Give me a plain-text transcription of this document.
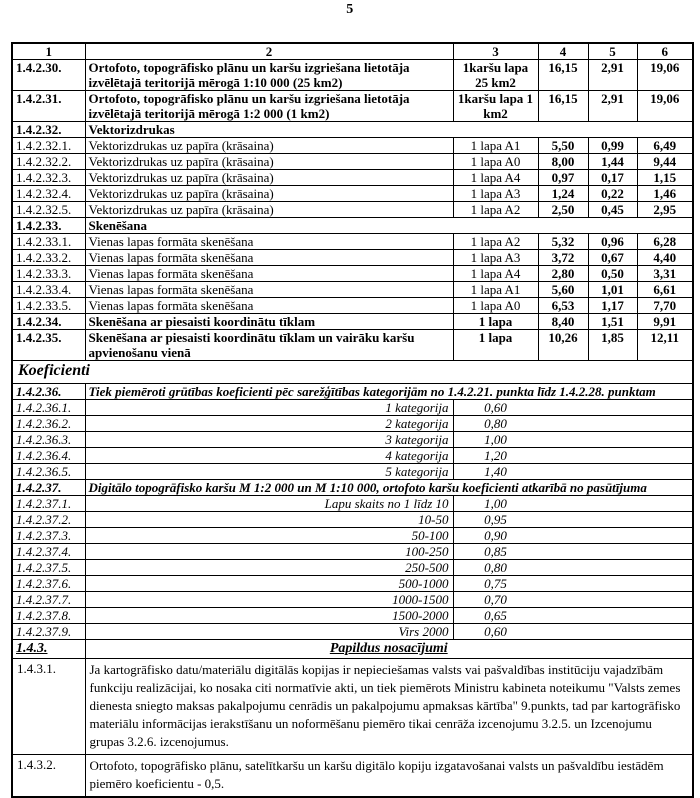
5
1	2	3	4	5	6
1.4.2.30.	Ortofoto, topogrāfisko plānu un karšu izgriešana lietotāja izvēlētajā teritorijā mērogā 1:10 000 (25 km2)	1karšu lapa 25 km2	16,15	2,91	19,06
1.4.2.31.	Ortofoto, topogrāfisko plānu un karšu izgriešana lietotāja izvēlētajā teritorijā mērogā 1:2 000 (1 km2)	1karšu lapa 1 km2	16,15	2,91	19,06
1.4.2.32.	Vektorizdrukas				
1.4.2.32.1.	Vektorizdrukas uz papīra (krāsaina)	1 lapa A1	5,50	0,99	6,49
1.4.2.32.2.	Vektorizdrukas uz papīra (krāsaina)	1 lapa A0	8,00	1,44	9,44
1.4.2.32.3.	Vektorizdrukas uz papīra (krāsaina)	1 lapa A4	0,97	0,17	1,15
1.4.2.32.4.	Vektorizdrukas uz papīra (krāsaina)	1 lapa A3	1,24	0,22	1,46
1.4.2.32.5.	Vektorizdrukas uz papīra (krāsaina)	1 lapa A2	2,50	0,45	2,95
1.4.2.33.	Skenēšana				
1.4.2.33.1.	Vienas lapas formāta skenēšana	1 lapa A2	5,32	0,96	6,28
1.4.2.33.2.	Vienas lapas formāta skenēšana	1 lapa A3	3,72	0,67	4,40
1.4.2.33.3.	Vienas lapas formāta skenēšana	1 lapa A4	2,80	0,50	3,31
1.4.2.33.4.	Vienas lapas formāta skenēšana	1 lapa A1	5,60	1,01	6,61
1.4.2.33.5.	Vienas lapas formāta skenēšana	1 lapa A0	6,53	1,17	7,70
1.4.2.34.	Skenēšana ar piesaisti koordinātu tīklam	1 lapa	8,40	1,51	9,91
1.4.2.35.	Skenēšana ar piesaisti koordinātu tīklam un vairāku karšu apvienošanu vienā	1 lapa	10,26	1,85	12,11
Koeficienti					
1.4.2.36.	Tiek piemēroti grūtības koeficienti pēc sarežģītības kategorijām no 1.4.2.21. punkta līdz 1.4.2.28. punktam				
1.4.2.36.1.	1 kategorija	0,60			
1.4.2.36.2.	2 kategorija	0,80			
1.4.2.36.3.	3 kategorija	1,00			
1.4.2.36.4.	4 kategorija	1,20			
1.4.2.36.5.	5 kategorija	1,40			
1.4.2.37.	Digitālo topogrāfisko karšu M 1:2 000 un M 1:10 000, ortofoto karšu koeficienti atkarībā no pasūtījuma				
1.4.2.37.1.	Lapu skaits no 1 līdz 10	1,00			
1.4.2.37.2.	10-50	0,95			
1.4.2.37.3.	50-100	0,90			
1.4.2.37.4.	100-250	0,85			
1.4.2.37.5.	250-500	0,80			
1.4.2.37.6.	500-1000	0,75			
1.4.2.37.7.	1000-1500	0,70			
1.4.2.37.8.	1500-2000	0,65			
1.4.2.37.9.	Virs 2000	0,60			
1.4.3.	Papildus nosacījumi				
1.4.3.1.	Ja kartogrāfisko datu/materiālu digitālās kopijas ir nepieciešamas valsts vai pašvaldības institūciju vajadzībām funkciju realizācijai, ko nosaka citi normatīvie akti, un tiek piemērots Ministru kabineta noteikumu "Valsts zemes dienesta sniegto maksas pakalpojumu cenrādis un pakalpojumu apmaksas kārtība" 9.punkts, tad par kartogrāfisko materiālu informācijas ierakstīšanu un noformēšanu piemēro tikai cenrāža izcenojumu 3.2.5. un Izcenojumu grupas 3.2.6. izcenojumus.				
1.4.3.2.	Ortofoto, topogrāfisko plānu, satelītkaršu un karšu digitālo kopiju izgatavošanai valsts un pašvaldību iestādēm piemēro koeficientu - 0,5.				
